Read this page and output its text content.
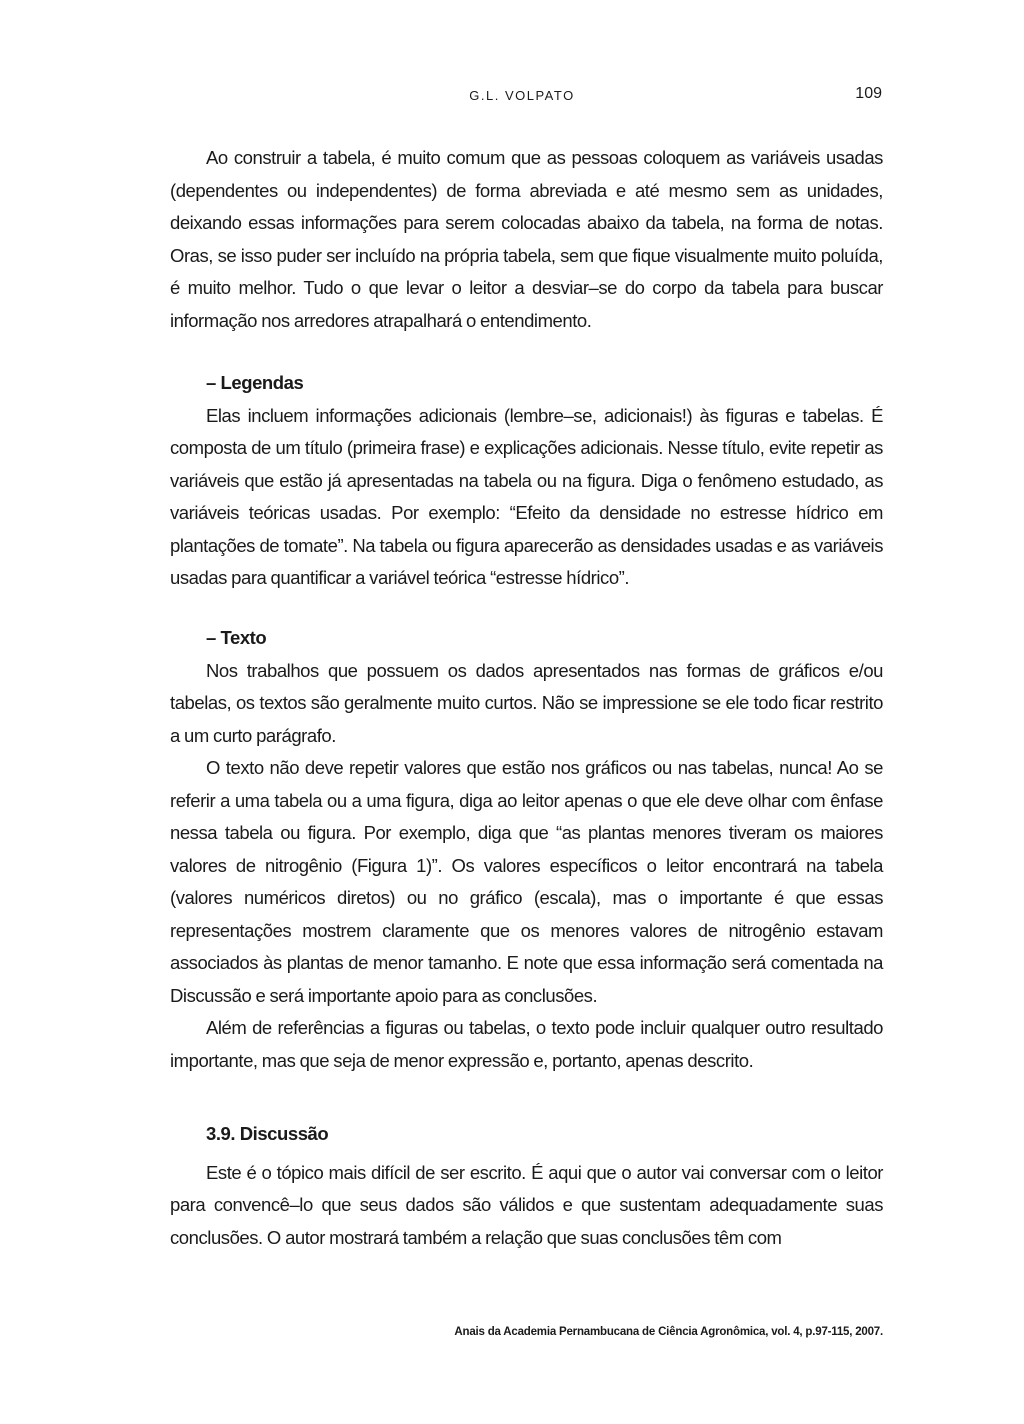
G.L. VOLPATO	109

Ao construir a tabela, é muito comum que as pessoas coloquem as variáveis usadas (dependentes ou independentes) de forma abreviada e até mesmo sem as unidades, deixando essas informações para serem colocadas abaixo da tabela, na forma de notas. Oras, se isso puder ser incluído na própria tabela, sem que fique visualmente muito poluída, é muito melhor. Tudo o que levar o leitor a desviar–se do corpo da tabela para buscar informação nos arredores atrapalhará o entendimento.

– Legendas

Elas incluem informações adicionais (lembre–se, adicionais!) às figuras e tabelas. É composta de um título (primeira frase) e explicações adicionais. Nesse título, evite repetir as variáveis que estão já apresentadas na tabela ou na figura. Diga o fenômeno estudado, as variáveis teóricas usadas. Por exemplo: “Efeito da densidade no estresse hídrico em plantações de tomate”. Na tabela ou figura aparecerão as densidades usadas e as variáveis usadas para quantificar a variável teórica “estresse hídrico”.

– Texto

Nos trabalhos que possuem os dados apresentados nas formas de gráficos e/ou tabelas, os textos são geralmente muito curtos. Não se impressione se ele todo ficar restrito a um curto parágrafo.

O texto não deve repetir valores que estão nos gráficos ou nas tabelas, nunca! Ao se referir a uma tabela ou a uma figura, diga ao leitor apenas o que ele deve olhar com ênfase nessa tabela ou figura. Por exemplo, diga que “as plantas menores tiveram os maiores valores de nitrogênio (Figura 1)”. Os valores específicos o leitor encontrará na tabela (valores numéricos diretos) ou no gráfico (escala), mas o importante é que essas representações mostrem claramente que os menores valores de nitrogênio estavam associados às plantas de menor tamanho. E note que essa informação será comentada na Discussão e será importante apoio para as conclusões.

Além de referências a figuras ou tabelas, o texto pode incluir qualquer outro resultado importante, mas que seja de menor expressão e, portanto, apenas descrito.

3.9. Discussão

Este é o tópico mais difícil de ser escrito. É aqui que o autor vai conversar com o leitor para convencê–lo que seus dados são válidos e que sustentam adequadamente suas conclusões. O autor mostrará também a relação que suas conclusões têm com

Anais da Academia Pernambucana de Ciência Agronômica, vol. 4, p.97-115, 2007.
